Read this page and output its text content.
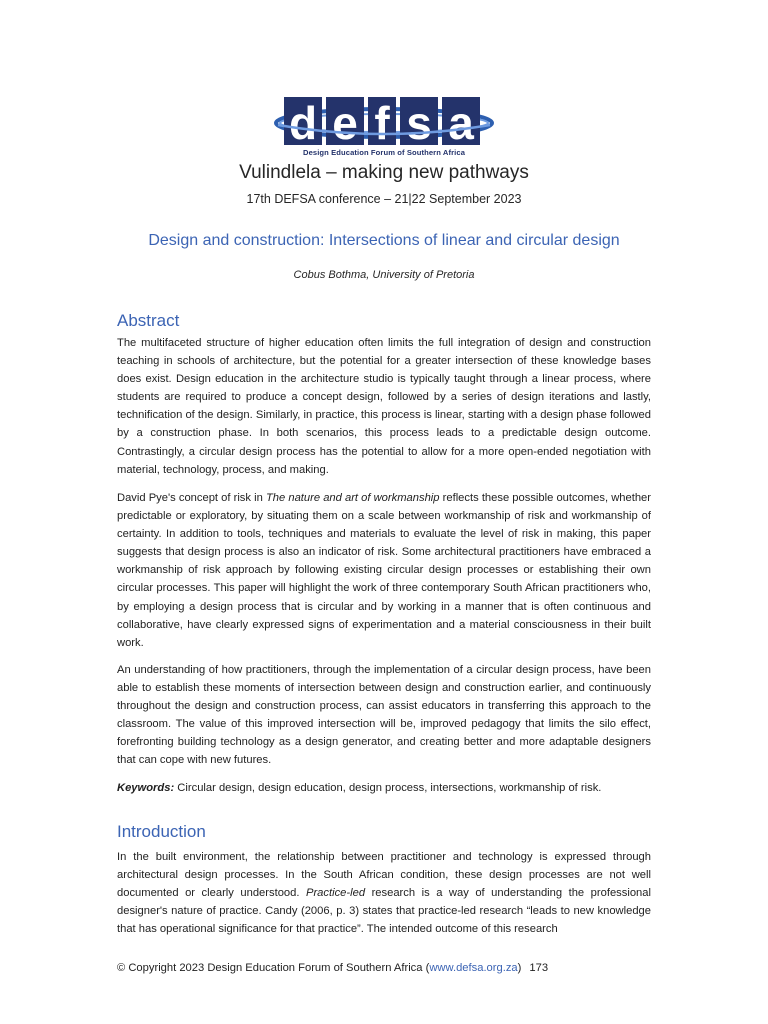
d e f s a
Design Education Forum of Southern Africa
Vulindlela – making new pathways
17th DEFSA conference – 21|22 September 2023
Design and construction: Intersections of linear and circular design
Cobus Bothma, University of Pretoria
Abstract

The multifaceted structure of higher education often limits the full integration of design and construction teaching in schools of architecture, but the potential for a greater intersection of these knowledge bases does exist. Design education in the architecture studio is typically taught through a linear process, where students are required to produce a concept design, followed by a series of design iterations and lastly, technification of the design. Similarly, in practice, this process is linear, starting with a design phase followed by a construction phase. In both scenarios, this process leads to a predictable design outcome. Contrastingly, a circular design process has the potential to allow for a more open-ended negotiation with material, technology, process, and making.

David Pye's concept of risk in The nature and art of workmanship reflects these possible outcomes, whether predictable or exploratory, by situating them on a scale between workmanship of risk and workmanship of certainty. In addition to tools, techniques and materials to evaluate the level of risk in making, this paper suggests that design process is also an indicator of risk. Some architectural practitioners have embraced a workmanship of risk approach by following existing circular design processes or establishing their own circular processes. This paper will highlight the work of three contemporary South African practitioners who, by employing a design process that is circular and by working in a manner that is often continuous and collaborative, have clearly expressed signs of experimentation and a material consciousness in their built work.

An understanding of how practitioners, through the implementation of a circular design process, have been able to establish these moments of intersection between design and construction earlier, and continuously throughout the design and construction process, can assist educators in transferring this approach to the classroom. The value of this improved intersection will be, improved pedagogy that limits the silo effect, forefronting building technology as a design generator, and creating better and more adaptable designers that can cope with new futures.

Keywords: Circular design, design education, design process, intersections, workmanship of risk.
Introduction

In the built environment, the relationship between practitioner and technology is expressed through architectural design processes. In the South African condition, these design processes are not well documented or clearly understood. Practice-led research is a way of understanding the professional designer's nature of practice. Candy (2006, p. 3) states that practice-led research “leads to new knowledge that has operational significance for that practice”. The intended outcome of this research

© Copyright 2023 Design Education Forum of Southern Africa (www.defsa.org.za) 173
